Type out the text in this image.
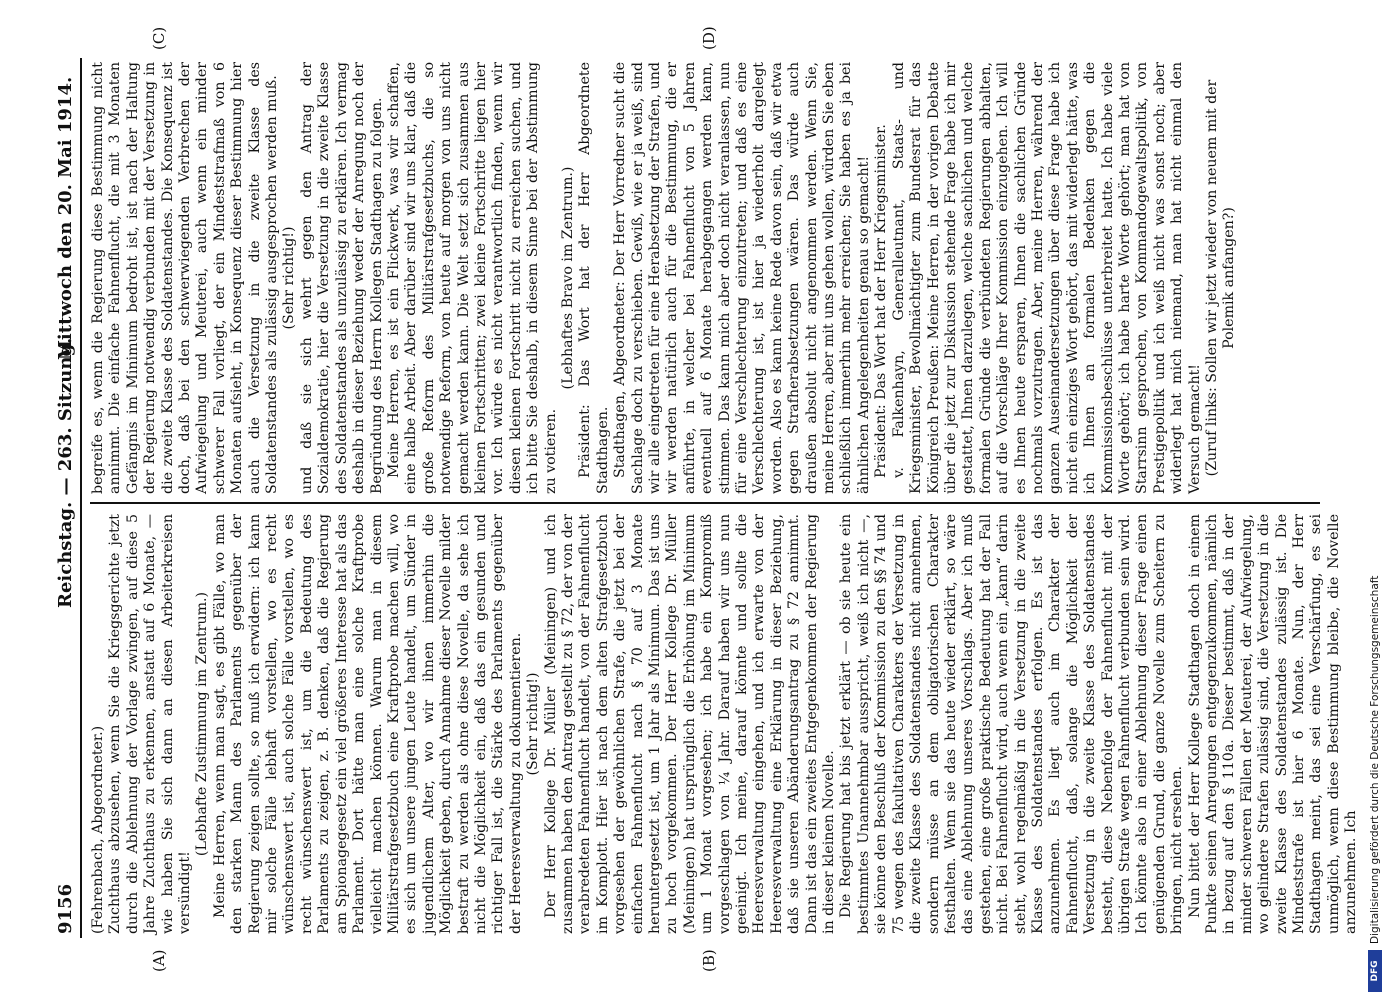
9156
Reichstag. — 263. Sitzung.
Mittwoch den 20. Mai 1914.
(A)	(B)
(C)	(D)

(Fehrenbach, Abgeordneter.) Zuchthaus abzusehen, wenn Sie die Kriegsgerichte jetzt durch die Ablehnung der Vorlage zwingen, auf diese 5 Jahre Zuchthaus zu erkennen, anstatt auf 6 Monate, — wie haben Sie sich dann an diesen Arbeiterkreisen versündigt!

(Lebhafte Zustimmung im Zentrum.) Meine Herren, wenn man sagt, es gibt Fälle, wo man den starken Mann des Parlaments gegenüber der Regierung zeigen sollte, so muß ich erwidern: ich kann mir solche Fälle lebhaft vorstellen, wo es recht wünschenswert ist, auch solche Fälle vorstellen, wo es recht wünschenswert ist, um die Bedeutung des Parlaments zu zeigen, z. B. denken, daß die Regierung am Spionagegesetz ein viel größeres Interesse hat als das Parlament. Dort hätte man eine solche Kraftprobe vielleicht machen können. Warum man in diesem Militärstrafgesetzbuch eine Kraftprobe machen will, wo es sich um unsere jungen Leute handelt, um Sünder in jugendlichem Alter, wo wir ihnen immerhin die Möglichkeit geben, durch Annahme dieser Novelle milder bestraft zu werden als ohne diese Novelle, da sehe ich nicht die Möglichkeit ein, daß das ein gesunden und richtiger Fall ist, die Stärke des Parlaments gegenüber der Heeresverwaltung zu dokumentieren. (Sehr richtig!) Der Herr Kollege Dr. Müller (Meiningen) und ich zusammen haben den Antrag gestellt zu § 72, der von der verabredeten Fahnenflucht handelt, von der Fahnenflucht im Komplott. Hier ist nach dem alten Strafgesetzbuch vorgesehen der gewöhnlichen Strafe, die jetzt bei der einfachen Fahnenflucht nach § 70 auf 3 Monate heruntergesetzt ist, um 1 Jahr als Minimum. Das ist uns zu hoch vorgekommen. Der Herr Kollege Dr. Müller (Meiningen) hat ursprünglich die Erhöhung im Minimum um 1 Monat vorgesehen; ich habe ein Kompromiß vorgeschlagen von ¼ Jahr. Darauf haben wir uns nun geeinigt. Ich meine, darauf könnte und sollte die Heeresverwaltung eingehen, und ich erwarte von der Heeresverwaltung eine Erklärung in dieser Beziehung, daß sie unseren Abänderungsantrag zu § 72 annimmt. Dann ist das ein zweites Entgegenkommen der Regierung in dieser kleinen Novelle. Die Regierung hat bis jetzt erklärt — ob sie heute ein bestimmtes Unannehmbar ausspricht, weiß ich nicht —, sie könne den Beschluß der Kommission zu den §§ 74 und 75 wegen des fakultativen Charakters der Versetzung in die zweite Klasse des Soldatenstandes nicht annehmen, sondern müsse an dem obligatorischen Charakter festhalten. Wenn sie das heute wieder erklärt, so wäre das eine Ablehnung unseres Vorschlags. Aber ich muß gestehen, eine große praktische Bedeutung hat der Fall nicht. Bei Fahnenflucht wird, auch wenn ein „kann“ darin steht, wohl regelmäßig in die Versetzung in die zweite Klasse des Soldatenstandes erfolgen. Es ist das anzunehmen. Es liegt auch im Charakter der Fahnenflucht, daß, solange die Möglichkeit der Versetzung in die zweite Klasse des Soldatenstandes besteht, diese Nebenfolge der Fahnenflucht mit der übrigen Strafe wegen Fahnenflucht verbunden sein wird. Ich könnte also in einer Ablehnung dieser Frage einen genügenden Grund, die ganze Novelle zum Scheitern zu bringen, nicht ersehen. Nun bittet der Herr Kollege Stadthagen doch in einem Punkte seinen Anregungen entgegenzukommen, nämlich in bezug auf den § 110a. Dieser bestimmt, daß in der minder schweren Fällen der Meuterei, der Aufwiegelung, wo gelindere Strafen zulässig sind, die Versetzung in die zweite Klasse des Soldatenstandes zulässig ist. Die Mindeststrafe ist hier 6 Monate. Nun, der Herr Stadthagen meint, das sei eine Verschärfung, es sei unmöglich, wenn diese Bestimmung bleibe, die Novelle anzunehmen. Ich

begreife es, wenn die Regierung diese Bestimmung nicht annimmt. Die einfache Fahnenflucht, die mit 3 Monaten Gefängnis im Minimum bedroht ist, ist nach der Haltung der Regierung notwendig verbunden mit der Versetzung in die zweite Klasse des Soldatenstandes. Die Konsequenz ist doch, daß bei den schwerwiegenden Verbrechen der Aufwiegelung und Meuterei, auch wenn ein minder schwerer Fall vorliegt, der ein Mindeststrafmaß von 6 Monaten aufsieht, in Konsequenz dieser Bestimmung hier auch die Versetzung in die zweite Klasse des Soldatenstandes als zulässig ausgesprochen werden muß. (Sehr richtig!) und daß sie sich wehrt gegen den Antrag der Sozialdemokratie, hier die Versetzung in die zweite Klasse des Soldatenstandes als unzulässig zu erklären. Ich vermag deshalb in dieser Beziehung weder der Anregung noch der Begründung des Herrn Kollegen Stadthagen zu folgen. Meine Herren, es ist ein Flickwerk, was wir schaffen, eine halbe Arbeit. Aber darüber sind wir uns klar, daß die große Reform des Militärstrafgesetzbuchs, die so notwendige Reform, von heute auf morgen von uns nicht gemacht werden kann. Die Welt setzt sich zusammen aus kleinen Fortschritten; zwei kleine Fortschritte liegen hier vor. Ich würde es nicht verantwortlich finden, wenn wir diesen kleinen Fortschritt nicht zu erreichen suchen, und ich bitte Sie deshalb, in diesem Sinne bei der Abstimmung zu votieren.

(Lebhaftes Bravo im Zentrum.) Präsident: Das Wort hat der Herr Abgeordnete Stadthagen. Stadthagen, Abgeordneter: Der Herr Vorredner sucht die Sachlage doch zu verschieben. Gewiß, wie er ja weiß, sind wir alle eingetreten für eine Herabsetzung der Strafen, und wir werden natürlich auch für die Bestimmung, die er anführte, in welcher bei Fahnenflucht von 5 Jahren eventuell auf 6 Monate herabgegangen werden kann, stimmen. Das kann mich aber doch nicht veranlassen, nun für eine Verschlechterung einzutreten; und daß es eine Verschlechterung ist, ist hier ja wiederholt dargelegt worden. Also es kann keine Rede davon sein, daß wir etwa gegen Strafherabsetzungen wären. Das würde auch draußen absolut nicht angenommen werden. Wenn Sie, meine Herren, aber mit uns gehen wollen, würden Sie eben schließlich immerhin mehr erreichen; Sie haben es ja bei ähnlichen Angelegenheiten genau so gemacht! Präsident: Das Wort hat der Herr Kriegsminister. v. Falkenhayn, Generalleutnant, Staats- und Kriegsminister, Bevollmächtigter zum Bundesrat für das Königreich Preußen: Meine Herren, in der vorigen Debatte über die jetzt zur Diskussion stehende Frage habe ich mir gestattet, Ihnen darzulegen, welche sachlichen und welche formalen Gründe die verbündeten Regierungen abhalten, auf die Vorschläge Ihrer Kommission einzugehen. Ich will es Ihnen heute ersparen, Ihnen die sachlichen Gründe nochmals vorzutragen. Aber, meine Herren, während der ganzen Auseinandersetzungen über diese Frage habe ich nicht ein einziges Wort gehört, das mit widerlegt hätte, was ich Ihnen an formalen Bedenken gegen die Kommissionsbeschlüsse unterbreitet hatte. Ich habe viele Worte gehört; ich habe harte Worte gehört; man hat von Starrsinn gesprochen, von Kommandogewaltspolitik, von Prestigepolitik und ich weiß nicht was sonst noch; aber widerlegt hat mich niemand, man hat nicht einmal den Versuch gemacht! (Zuruf links: Sollen wir jetzt wieder von neuem mit der Polemik anfangen?)

DFG
Digitalisierung gefördert durch die Deutsche Forschungsgemeinschaft
